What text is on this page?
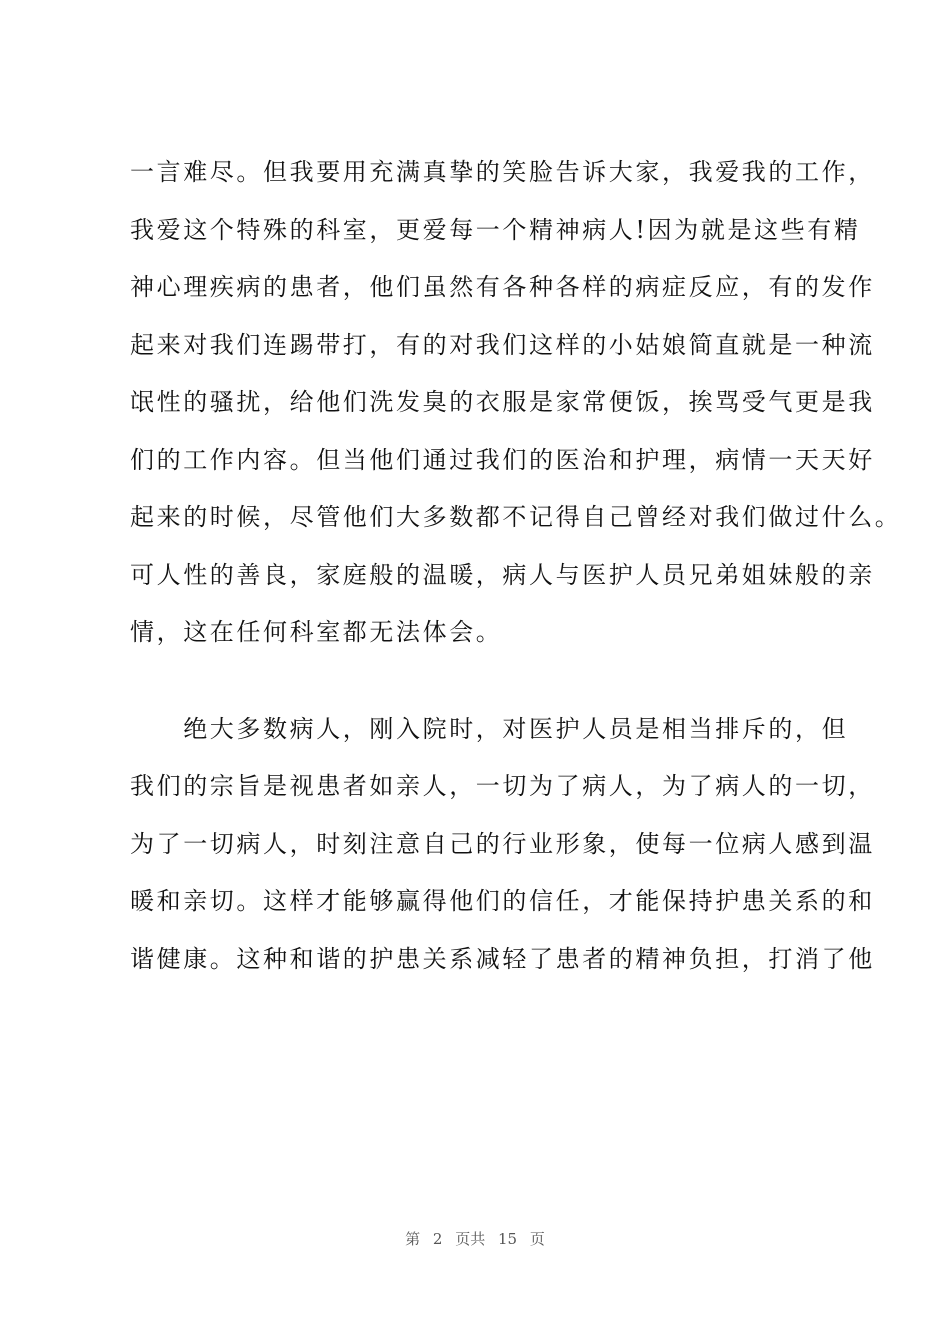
一言难尽。但我要用充满真挚的笑脸告诉大家，我爱我的工作，
我爱这个特殊的科室，更爱每一个精神病人!因为就是这些有精
神心理疾病的患者，他们虽然有各种各样的病症反应，有的发作
起来对我们连踢带打，有的对我们这样的小姑娘简直就是一种流
氓性的骚扰，给他们洗发臭的衣服是家常便饭，挨骂受气更是我
们的工作内容。但当他们通过我们的医治和护理，病情一天天好
起来的时候，尽管他们大多数都不记得自己曾经对我们做过什么。
可人性的善良，家庭般的温暖，病人与医护人员兄弟姐妹般的亲
情，这在任何科室都无法体会。
　　绝大多数病人，刚入院时，对医护人员是相当排斥的，但
我们的宗旨是视患者如亲人，一切为了病人，为了病人的一切，
为了一切病人，时刻注意自己的行业形象，使每一位病人感到温
暖和亲切。这样才能够赢得他们的信任，才能保持护患关系的和
谐健康。这种和谐的护患关系减轻了患者的精神负担，打消了他
第 2 页共 15 页
